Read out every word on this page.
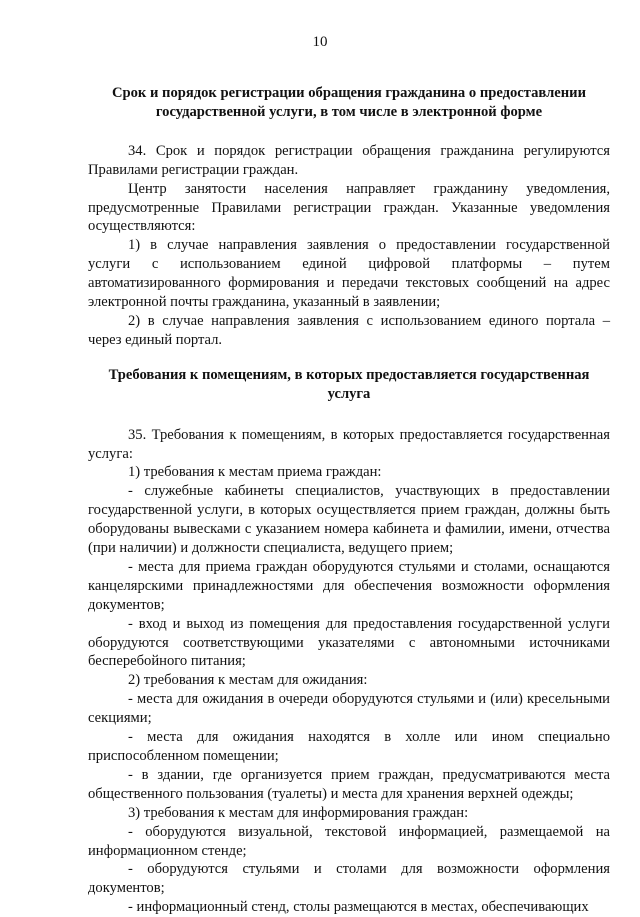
10

Срок и порядок регистрации обращения гражданина о предоставлении государственной услуги, в том числе в электронной форме

34. Срок и порядок регистрации обращения гражданина регулируются Правилами регистрации граждан.

Центр занятости населения направляет гражданину уведомления, предусмотренные Правилами регистрации граждан. Указанные уведомления осуществляются:

1) в случае направления заявления о предоставлении государственной услуги с использованием единой цифровой платформы – путем автоматизированного формирования и передачи текстовых сообщений на адрес электронной почты гражданина, указанный в заявлении;

2) в случае направления заявления с использованием единого портала – через единый портал.

Требования к помещениям, в которых предоставляется государственная услуга

35. Требования к помещениям, в которых предоставляется государственная услуга:

1) требования к местам приема граждан:

- служебные кабинеты специалистов, участвующих в предоставлении государственной услуги, в которых осуществляется прием граждан, должны быть оборудованы вывесками с указанием номера кабинета и фамилии, имени, отчества (при наличии) и должности специалиста, ведущего прием;

- места для приема граждан оборудуются стульями и столами, оснащаются канцелярскими принадлежностями для обеспечения возможности оформления документов;

- вход и выход из помещения для предоставления государственной услуги оборудуются соответствующими указателями с автономными источниками бесперебойного питания;

2) требования к местам для ожидания:

- места для ожидания в очереди оборудуются стульями и (или) кресельными секциями;

- места для ожидания находятся в холле или ином специально приспособленном помещении;

- в здании, где организуется прием граждан, предусматриваются места общественного пользования (туалеты) и места для хранения верхней одежды;

3) требования к местам для информирования граждан:

- оборудуются визуальной, текстовой информацией, размещаемой на информационном стенде;

- оборудуются стульями и столами для возможности оформления документов;

- информационный стенд, столы размещаются в местах, обеспечивающих
